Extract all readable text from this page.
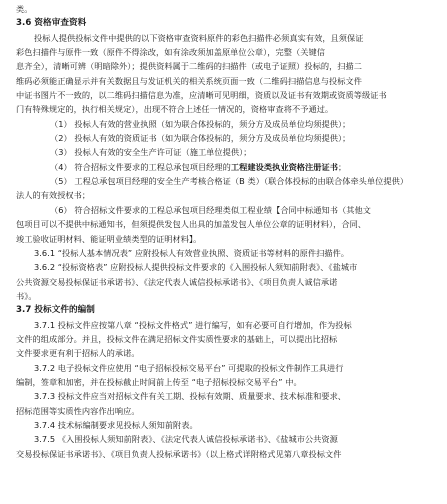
类。
3.6 资格审查资料
投标人提供投标文件中提供的以下资格审查资料原件的彩色扫描件必须真实有效，且须保证
彩色扫描件与原件一致（原件不得涂改，如有涂改须加盖原单位公章），完整（关键信
息齐全），清晰可辨（明暗除外）；提供资料属于二维码的扫描件（或电子证照）投标的，扫描二
维码必须能正确显示并有关数据且与发证机关的相关系统页面一致（二维码扫描信息与投标文件
中证书图片不一致的，以二维码扫描信息为准，应清晰可见明细，资质以及证书有效期或资质等级证书
门有特殊规定的，执行相关规定），出现不符合上述任一情况的，资格审查将不予通过。
（1） 投标人有效的营业执照（如为联合体投标的，须分方及成员单位均须提供）；
（2） 投标人有效的资质证书（如为联合体投标的，须分方及成员单位均须提供）；
（3） 投标人有效的安全生产许可证（施工单位提供）；
（4） 符合招标文件要求的工程总承包项目经理的工程建设类执业资格注册证书；
（5） 工程总承包项目经理的安全生产考核合格证（B 类）（联合体投标的由联合体牵头单位提供）
法人的有效授权书；
（6） 符合招标文件要求的工程总承包项目经理类似工程业绩【合同中标通知书（其他文
包项目可以不提供中标通知书，但须提供发包人出具的加盖发包人单位公章的证明材料），合同、
竣工验收证明材料、能证明业绩类型的证明材料】。
3.6.1 “投标人基本情况表” 应附投标人有效营业执照、资质证书等材料的原件扫描件。
3.6.2 “投标资格表” 应附投标人提供投标文件要求的《入围投标人须知前附表》、《盐城市
公共资源交易投标保证书承诺书》、《法定代表人诚信投标承诺书》、《项目负责人诚信承诺
书》。
3.7 投标文件的编制
3.7.1 投标文件应按第八章 “投标文件格式” 进行编写，如有必要可自行增加，作为投标
文件的组成部分。并且，投标文件在满足招标文件实质性要求的基础上，可以提出比招标
文件要求更有利于招标人的承诺。
3.7.2 电子投标文件应使用 “电子招标投标交易平台” 可提取的投标文件制作工具进行
编制，签章和加密，并在投标截止时间前上传至 “电子招标投标交易平台” 中。
3.7.3 投标文件应当对招标文件有关工期、投标有效期、质量要求、技术标准和要求、
招标范围等实质性内容作出响应。
3.7.4 技术标编制要求见投标人须知前附表。
3.7.5 《入围投标人须知前附表》、《法定代表人诚信投标承诺书》、《盐城市公共资源
交易投标保证书承诺书》、《项目负责人投标承诺书》（以上格式详附格式见第八章投标文件
